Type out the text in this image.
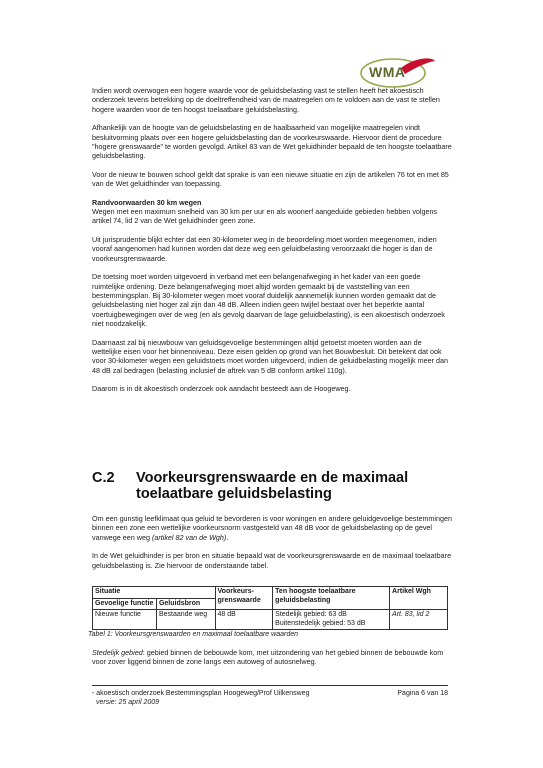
WMA

Indien wordt overwogen een hogere waarde voor de geluidsbelasting vast te stellen heeft het akoestisch onderzoek tevens betrekking op de doeltreffendheid van de maatregelen om te voldoen aan de vast te stellen hogere waarden voor de ten hoogst toelaatbare geluidsbelasting.

Afhankelijk van de hoogte van de geluidsbelasting en de haalbaarheid van mogelijke maatregelen vindt besluitvorming plaats over een hogere geluidsbelasting dan de voorkeurswaarde. Hiervoor dient de procedure "hogere grenswaarde" te worden gevolgd. Artikel 83 van de Wet geluidhinder bepaald de ten hoogste toelaatbare geluidsbelasting.

Voor de nieuw te bouwen school geldt dat sprake is van een nieuwe situatie en zijn de artikelen 76 tot en met 85 van de Wet geluidhinder van toepassing.

Randvoorwaarden 30 km wegen

Wegen met een maximum snelheid van 30 km per uur en als woonerf aangeduide gebieden hebben volgens artikel 74, lid 2 van de Wet geluidhinder geen zone.

Uit jurisprudentie blijkt echter dat een 30-kilometer weg in de beoordeling moet worden meegenomen, indien vooraf aangenomen had kunnen worden dat deze weg een geluidbelasting veroorzaakt die hoger is dan de voorkeursgrenswaarde.

De toetsing moet worden uitgevoerd in verband met een belangenafweging in het kader van een goede ruimtelijke ordening. Deze belangenafweging moet altijd worden gemaakt bij de vaststelling van een bestemmingsplan. Bij 30-kilometer wegen moet vooraf duidelijk aannemelijk kunnen worden gemaakt dat de geluidsbelasting niet hoger zal zijn dan 48 dB. Alleen indien geen twijfel bestaat over het beperkte aantal voertuigbewegingen over de weg (en als gevolg daarvan de lage geluidbelasting), is een akoestisch onderzoek niet noodzakelijk.

Daarnaast zal bij nieuwbouw van geluidsgevoelige bestemmingen altijd getoetst moeten worden aan de wettelijke eisen voor het binnenniveau. Deze eisen gelden op grond van het Bouwbesluit. Dit betekent dat ook voor 30-kilometer wegen een geluidstoets moet worden uitgevoerd, indien de geluidbelasting mogelijk meer dan 48 dB zal bedragen (belasting inclusief de aftrek van 5 dB conform artikel 110g).

Daarom is in dit akoestisch onderzoek ook aandacht besteedt aan de Hoogeweg.

C.2 Voorkeursgrenswaarde en de maximaal toelaatbare geluidsbelasting

Om een gunstig leefklimaat qua geluid te bevorderen is voor woningen en andere geluidgevoelige bestemmingen binnen een zone een wettelijke voorkeursnorm vastgesteld van 48 dB voor de geluidsbelasting op de gevel vanwege een weg (artikel 82 van de Wgh).

In de Wet geluidhinder is per bron en situatie bepaald wat de voorkeursgrenswaarde en de maximaal toelaatbare geluidsbelasting is. Zie hiervoor de onderstaande tabel.

Situatie		Voorkeurs-grenswaarde	Ten hoogste toelaatbare geluidsbelasting	Artikel Wgh
Gevoelige functie	Geluidsbron			
Nieuwe functie	Bestaande weg	48 dB	Stedelijk gebied: 63 dB
Buitenstedelijk gebied: 53 dB	Art. 83, lid 2
Tabel 1: Voorkeursgrenswaarden en maximaal toelaatbare waarden

Stedelijk gebied: gebied binnen de bebouwde kom, met uitzondering van het gebied binnen de bebouwde kom voor zover liggend binnen de zone langs een autoweg of autosnelweg.

- akoestisch onderzoek Bestemmingsplan Hoogeweg/Prof Uilkensweg
versie: 25 april 2009
Pagina 6 van 18
